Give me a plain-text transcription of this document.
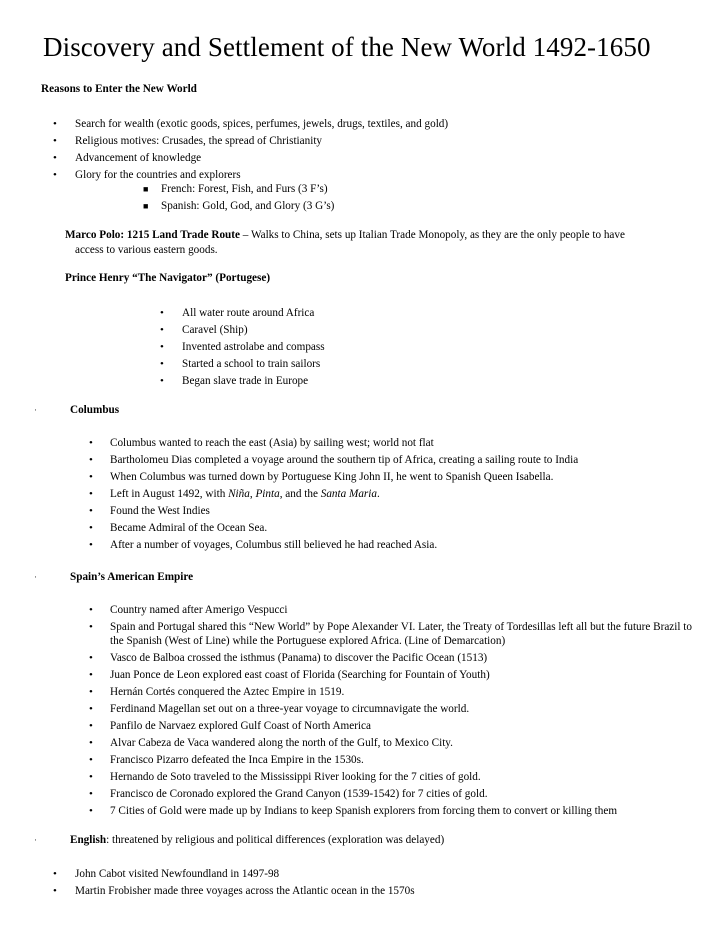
Discovery and Settlement of the New World 1492-1650
Reasons to Enter the New World
• Search for wealth (exotic goods, spices, perfumes, jewels, drugs, textiles, and gold)
• Religious motives: Crusades, the spread of Christianity
• Advancement of knowledge
• Glory for the countries and explorers
■ French: Forest, Fish, and Furs (3 F’s)
■ Spanish: Gold, God, and Glory (3 G’s)
Marco Polo: 1215 Land Trade Route – Walks to China, sets up Italian Trade Monopoly, as they are the only people to have
access to various eastern goods.
Prince Henry “The Navigator” (Portugese)
• All water route around Africa
• Caravel (Ship)
• Invented astrolabe and compass
• Started a school to train sailors
• Began slave trade in Europe
·	Columbus
• Columbus wanted to reach the east (Asia) by sailing west; world not flat
• Bartholomeu Dias completed a voyage around the southern tip of Africa, creating a sailing route to India
• When Columbus was turned down by Portuguese King John II, he went to Spanish Queen Isabella.
• Left in August 1492, with Niña, Pinta, and the Santa Maria.
• Found the West Indies
• Became Admiral of the Ocean Sea.
• After a number of voyages, Columbus still believed he had reached Asia.
·	Spain’s American Empire
• Country named after Amerigo Vespucci
• Spain and Portugal shared this “New World” by Pope Alexander VI. Later, the Treaty of Tordesillas left all but the future Brazil to the Spanish (West of Line) while the Portuguese explored Africa. (Line of Demarcation)
• Vasco de Balboa crossed the isthmus (Panama) to discover the Pacific Ocean (1513)
• Juan Ponce de Leon explored east coast of Florida (Searching for Fountain of Youth)
• Hernán Cortés conquered the Aztec Empire in 1519.
• Ferdinand Magellan set out on a three-year voyage to circumnavigate the world.
• Panfilo de Narvaez explored Gulf Coast of North America
• Alvar Cabeza de Vaca wandered along the north of the Gulf, to Mexico City.
• Francisco Pizarro defeated the Inca Empire in the 1530s.
• Hernando de Soto traveled to the Mississippi River looking for the 7 cities of gold.
• Francisco de Coronado explored the Grand Canyon (1539-1542) for 7 cities of gold.
• 7 Cities of Gold were made up by Indians to keep Spanish explorers from forcing them to convert or killing them
·	English: threatened by religious and political differences (exploration was delayed)
• John Cabot visited Newfoundland in 1497-98
• Martin Frobisher made three voyages across the Atlantic ocean in the 1570s
